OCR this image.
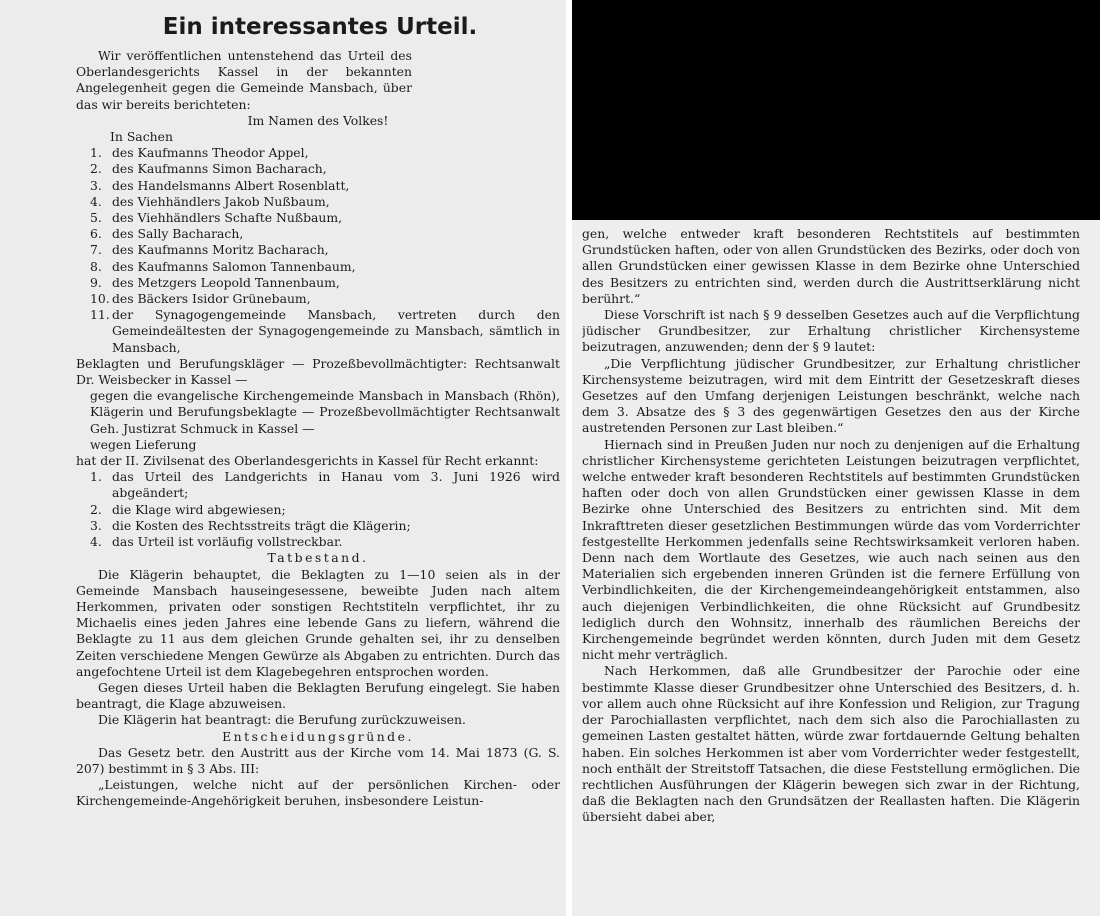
Ein interessantes Urteil.

Wir veröffentlichen untenstehend das Urteil des Oberlandesgerichts Kassel in der bekannten Angelegenheit gegen die Gemeinde Mansbach, über das wir bereits berichteten:

Im Namen des Volkes!

In Sachen

1. des Kaufmanns Theodor Appel,
2. des Kaufmanns Simon Bacharach,
3. des Handelsmanns Albert Rosenblatt,
4. des Viehhändlers Jakob Nußbaum,
5. des Viehhändlers Schafte Nußbaum,
6. des Sally Bacharach,
7. des Kaufmanns Moritz Bacharach,
8. des Kaufmanns Salomon Tannenbaum,
9. des Metzgers Leopold Tannenbaum,
10. des Bäckers Isidor Grünebaum,
11. der Synagogengemeinde Mansbach, vertreten durch den Gemeindeältesten der Synagogengemeinde zu Mansbach, sämtlich in Mansbach,

Beklagten und Berufungskläger — Prozeßbevollmächtigter: Rechtsanwalt Dr. Weisbecker in Kassel —

gegen die evangelische Kirchengemeinde Mansbach in Mansbach (Rhön), Klägerin und Berufungsbeklagte — Prozeßbevollmächtigter Rechtsanwalt Geh. Justizrat Schmuck in Kassel —

wegen Lieferung

hat der II. Zivilsenat des Oberlandesgerichts in Kassel für Recht erkannt:

1. das Urteil des Landgerichts in Hanau vom 3. Juni 1926 wird abgeändert;
2. die Klage wird abgewiesen;
3. die Kosten des Rechtsstreits trägt die Klägerin;
4. das Urteil ist vorläufig vollstreckbar.

Tatbestand.

Die Klägerin behauptet, die Beklagten zu 1—10 seien als in der Gemeinde Mansbach hauseingesessene, beweibte Juden nach altem Herkommen, privaten oder sonstigen Rechtstiteln verpflichtet, ihr zu Michaelis eines jeden Jahres eine lebende Gans zu liefern, während die Beklagte zu 11 aus dem gleichen Grunde gehalten sei, ihr zu denselben Zeiten verschiedene Mengen Gewürze als Abgaben zu entrichten. Durch das angefochtene Urteil ist dem Klagebegehren entsprochen worden.

Gegen dieses Urteil haben die Beklagten Berufung eingelegt. Sie haben beantragt, die Klage abzuweisen.

Die Klägerin hat beantragt: die Berufung zurückzuweisen.

Entscheidungsgründe.

Das Gesetz betr. den Austritt aus der Kirche vom 14. Mai 1873 (G. S. 207) bestimmt in § 3 Abs. III:

„Leistungen, welche nicht auf der persönlichen Kirchen- oder Kirchengemeinde-Angehörigkeit beruhen, insbesondere Leistun-

gen, welche entweder kraft besonderen Rechtstitels auf bestimmten Grundstücken haften, oder von allen Grundstücken des Bezirks, oder doch von allen Grundstücken einer gewissen Klasse in dem Bezirke ohne Unterschied des Besitzers zu entrichten sind, werden durch die Austrittserklärung nicht berührt.“

Diese Vorschrift ist nach § 9 desselben Gesetzes auch auf die Verpflichtung jüdischer Grundbesitzer, zur Erhaltung christlicher Kirchensysteme beizutragen, anzuwenden; denn der § 9 lautet:

„Die Verpflichtung jüdischer Grundbesitzer, zur Erhaltung christlicher Kirchensysteme beizutragen, wird mit dem Eintritt der Gesetzeskraft dieses Gesetzes auf den Umfang derjenigen Leistungen beschränkt, welche nach dem 3. Absatze des § 3 des gegenwärtigen Gesetzes den aus der Kirche austretenden Personen zur Last bleiben.“

Hiernach sind in Preußen Juden nur noch zu denjenigen auf die Erhaltung christlicher Kirchensysteme gerichteten Leistungen beizutragen verpflichtet, welche entweder kraft besonderen Rechtstitels auf bestimmten Grundstücken haften oder doch von allen Grundstücken einer gewissen Klasse in dem Bezirke ohne Unterschied des Besitzers zu entrichten sind. Mit dem Inkrafttreten dieser gesetzlichen Bestimmungen würde das vom Vorderrichter festgestellte Herkommen jedenfalls seine Rechtswirksamkeit verloren haben. Denn nach dem Wortlaute des Gesetzes, wie auch nach seinen aus den Materialien sich ergebenden inneren Gründen ist die fernere Erfüllung von Verbindlichkeiten, die der Kirchengemeindeangehörigkeit entstammen, also auch diejenigen Verbindlichkeiten, die ohne Rücksicht auf Grundbesitz lediglich durch den Wohnsitz, innerhalb des räumlichen Bereichs der Kirchengemeinde begründet werden könnten, durch Juden mit dem Gesetz nicht mehr verträglich.

Nach Herkommen, daß alle Grundbesitzer der Parochie oder eine bestimmte Klasse dieser Grundbesitzer ohne Unterschied des Besitzers, d. h. vor allem auch ohne Rücksicht auf ihre Konfession und Religion, zur Tragung der Parochiallasten verpflichtet, nach dem sich also die Parochiallasten zu gemeinen Lasten gestaltet hätten, würde zwar fortdauernde Geltung behalten haben. Ein solches Herkommen ist aber vom Vorderrichter weder festgestellt, noch enthält der Streitstoff Tatsachen, die diese Feststellung ermöglichen. Die rechtlichen Ausführungen der Klägerin bewegen sich zwar in der Richtung, daß die Beklagten nach den Grundsätzen der Reallasten haften. Die Klägerin übersieht dabei aber,
